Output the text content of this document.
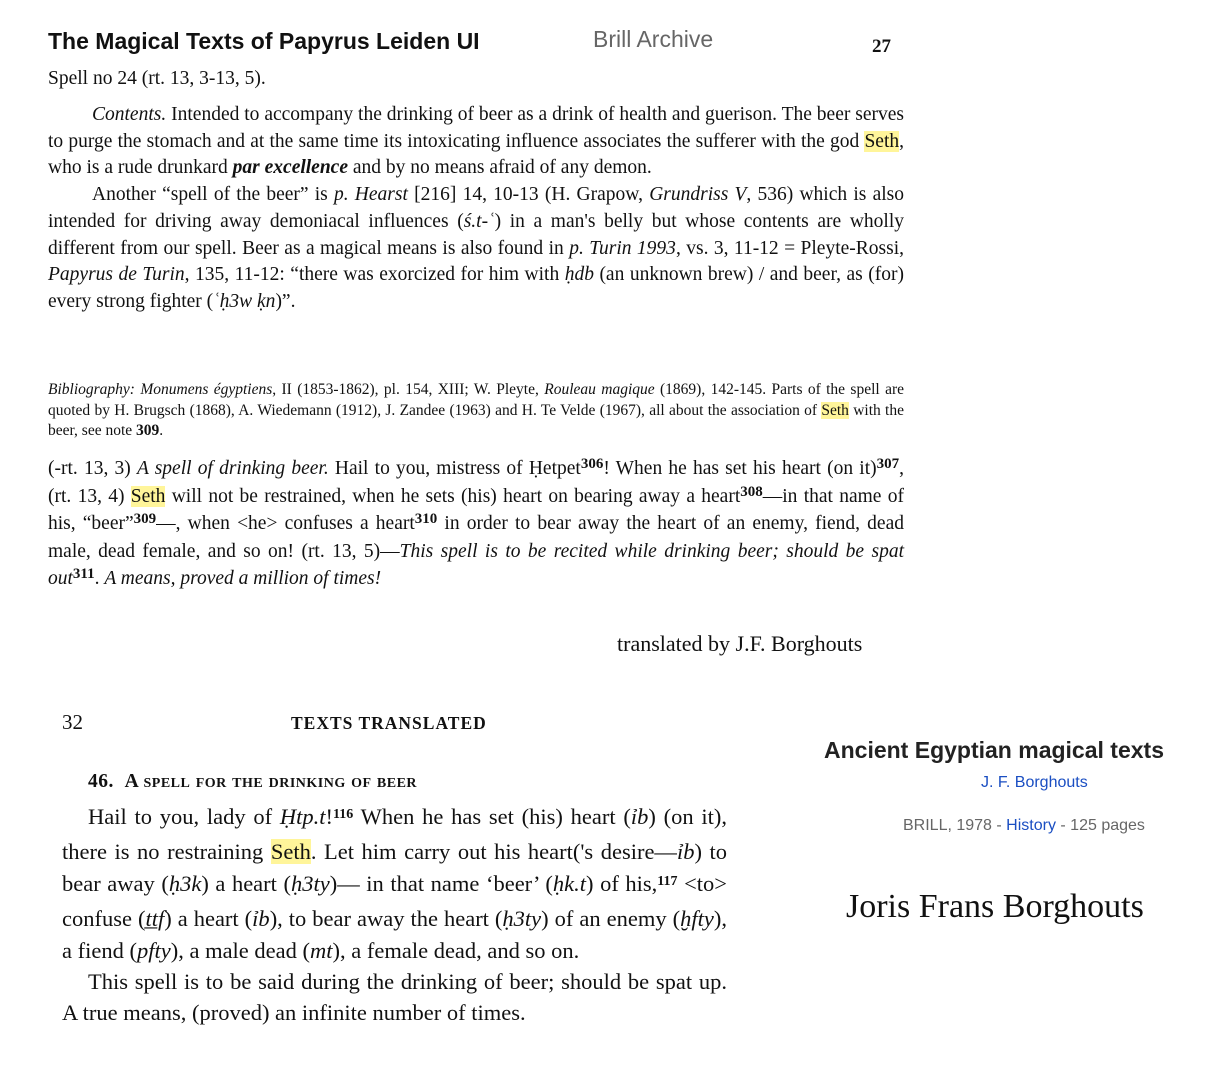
The Magical Texts of Papyrus Leiden UI	Brill Archive	27
Spell no 24 (rt. 13, 3-13, 5).

Contents. Intended to accompany the drinking of beer as a drink of health and guerison. The beer serves to purge the stomach and at the same time its intoxicating influence associates the sufferer with the god Seth, who is a rude drunkard par excellence and by no means afraid of any demon.

Another “spell of the beer” is p. Hearst [216] 14, 10-13 (H. Grapow, Grundriss V, 536) which is also intended for driving away demoniacal influences (ś.t-ʿ) in a man's belly but whose contents are wholly different from our spell. Beer as a magical means is also found in p. Turin 1993, vs. 3, 11-12 = Pleyte-Rossi, Papyrus de Turin, 135, 11-12: “there was exorcized for him with ḥdb (an unknown brew) / and beer, as (for) every strong fighter (ʿḥ3w ḳn)”.

Bibliography: Monumens égyptiens, II (1853-1862), pl. 154, XIII; W. Pleyte, Rouleau magique (1869), 142-145. Parts of the spell are quoted by H. Brugsch (1868), A. Wiedemann (1912), J. Zandee (1963) and H. Te Velde (1967), all about the association of Seth with the beer, see note 309.
(-rt. 13, 3) A spell of drinking beer. Hail to you, mistress of Ḥetpet$^{306}$! When he has set his heart (on it)$^{307}$, (rt. 13, 4) Seth will not be restrained, when he sets (his) heart on bearing away a heart$^{308}$—in that name of his, “beer”$^{309}$—, when <he> confuses a heart$^{310}$ in order to bear away the heart of an enemy, fiend, dead male, dead female, and so on! (rt. 13, 5)—This spell is to be recited while drinking beer; should be spat out$^{311}$. A means, proved a million of times!
translated by J.F. Borghouts
32	TEXTS TRANSLATED
46. A spell for the drinking of beer

Hail to you, lady of Ḥtp.t!$^{116}$ When he has set (his) heart (ỉb) (on it), there is no restraining Seth. Let him carry out his heart('s desire—ỉb) to bear away (ḥ3k) a heart (ḥ3ty)— in that name ‘beer’ (ḥk.t) of his,$^{117}$ <to> confuse (ṯṯf) a heart (ỉb), to bear away the heart (ḥ3ty) of an enemy (ḫfty), a fiend (pfty), a male dead (mt), a female dead, and so on.

This spell is to be said during the drinking of beer; should be spat up. A true means, (proved) an infinite number of times.

Ancient Egyptian magical texts
J. F. Borghouts
BRILL, 1978 - History - 125 pages
Joris Frans Borghouts
